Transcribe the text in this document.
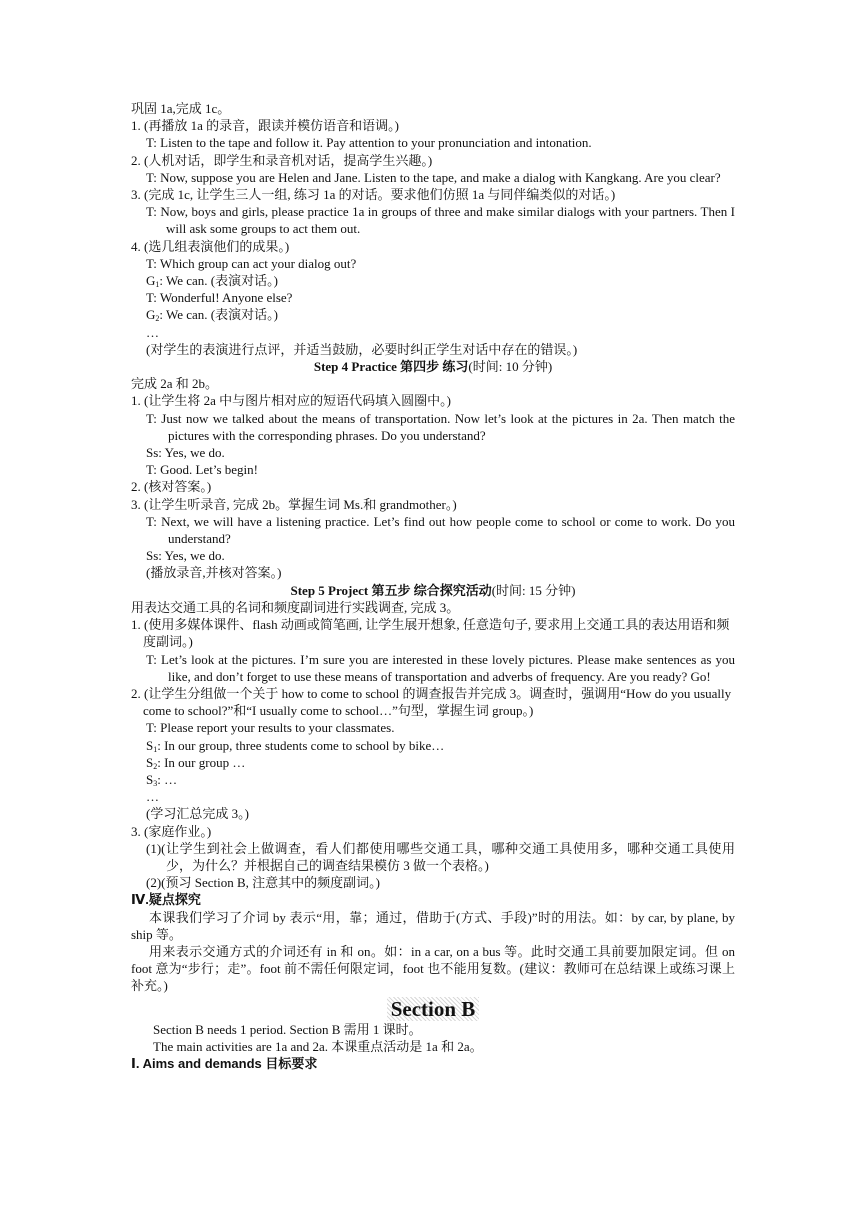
巩固 1a,完成 1c。
1. (再播放 1a 的录音，跟读并模仿语音和语调。)
T: Listen to the tape and follow it. Pay attention to your pronunciation and intonation.
2. (人机对话，即学生和录音机对话，提高学生兴趣。)
T: Now, suppose you are Helen and Jane. Listen to the tape, and make a dialog with Kangkang. Are you clear?
3. (完成 1c, 让学生三人一组, 练习 1a 的对话。要求他们仿照 1a 与同伴编类似的对话。)
T: Now, boys and girls, please practice 1a in groups of three and make similar dialogs with your partners. Then I will ask some groups to act them out.
4. (选几组表演他们的成果。)
T: Which group can act your dialog out?
$G_1$: We can. (表演对话。)
T: Wonderful! Anyone else?
$G_2$: We can. (表演对话。)
…
(对学生的表演进行点评，并适当鼓励，必要时纠正学生对话中存在的错误。)
Step 4 Practice 第四步 练习(时间: 10 分钟)
完成 2a 和 2b。
1. (让学生将 2a 中与图片相对应的短语代码填入圆圈中。)
T: Just now we talked about the means of transportation. Now let’s look at the pictures in 2a. Then match the pictures with the corresponding phrases. Do you understand?
Ss: Yes, we do.
T: Good. Let’s begin!
2. (核对答案。)
3. (让学生听录音, 完成 2b。掌握生词 Ms.和 grandmother。)
T: Next, we will have a listening practice. Let’s find out how people come to school or come to work. Do you understand?
Ss: Yes, we do.
(播放录音,并核对答案。)
Step 5 Project 第五步 综合探究活动(时间: 15 分钟)
用表达交通工具的名词和频度副词进行实践调查, 完成 3。
1. (使用多媒体课件、flash 动画或简笔画, 让学生展开想象, 任意造句子, 要求用上交通工具的表达用语和频度副词。)
T: Let’s look at the pictures. I’m sure you are interested in these lovely pictures. Please make sentences as you like, and don’t forget to use these means of transportation and adverbs of frequency. Are you ready? Go!
2. (让学生分组做一个关于 how to come to school 的调查报告并完成 3。调查时，强调用“How do you usually come to school?”和“I usually come to school…”句型，掌握生词 group。)
T: Please report your results to your classmates.
$S_1$: In our group, three students come to school by bike…
$S_2$: In our group …
$S_3$: …
…
(学习汇总完成 3。)
3. (家庭作业。)
(1)(让学生到社会上做调查，看人们都使用哪些交通工具，哪种交通工具使用多，哪种交通工具使用少，为什么？并根据自己的调查结果模仿 3 做一个表格。)
(2)(预习 Section B, 注意其中的频度副词。)
Ⅳ.疑点探究
本课我们学习了介词 by 表示“用，靠；通过，借助于(方式、手段)”时的用法。如：by car, by plane, by ship 等。
用来表示交通方式的介词还有 in 和 on。如：in a car, on a bus 等。此时交通工具前要加限定词。但 on foot 意为“步行；走”。foot 前不需任何限定词，foot 也不能用复数。(建议：教师可在总结课上或练习课上补充。)
Section B
Section B needs 1 period. Section B 需用 1 课时。
The main activities are 1a and 2a. 本课重点活动是 1a 和 2a。
Ⅰ. Aims and demands 目标要求
